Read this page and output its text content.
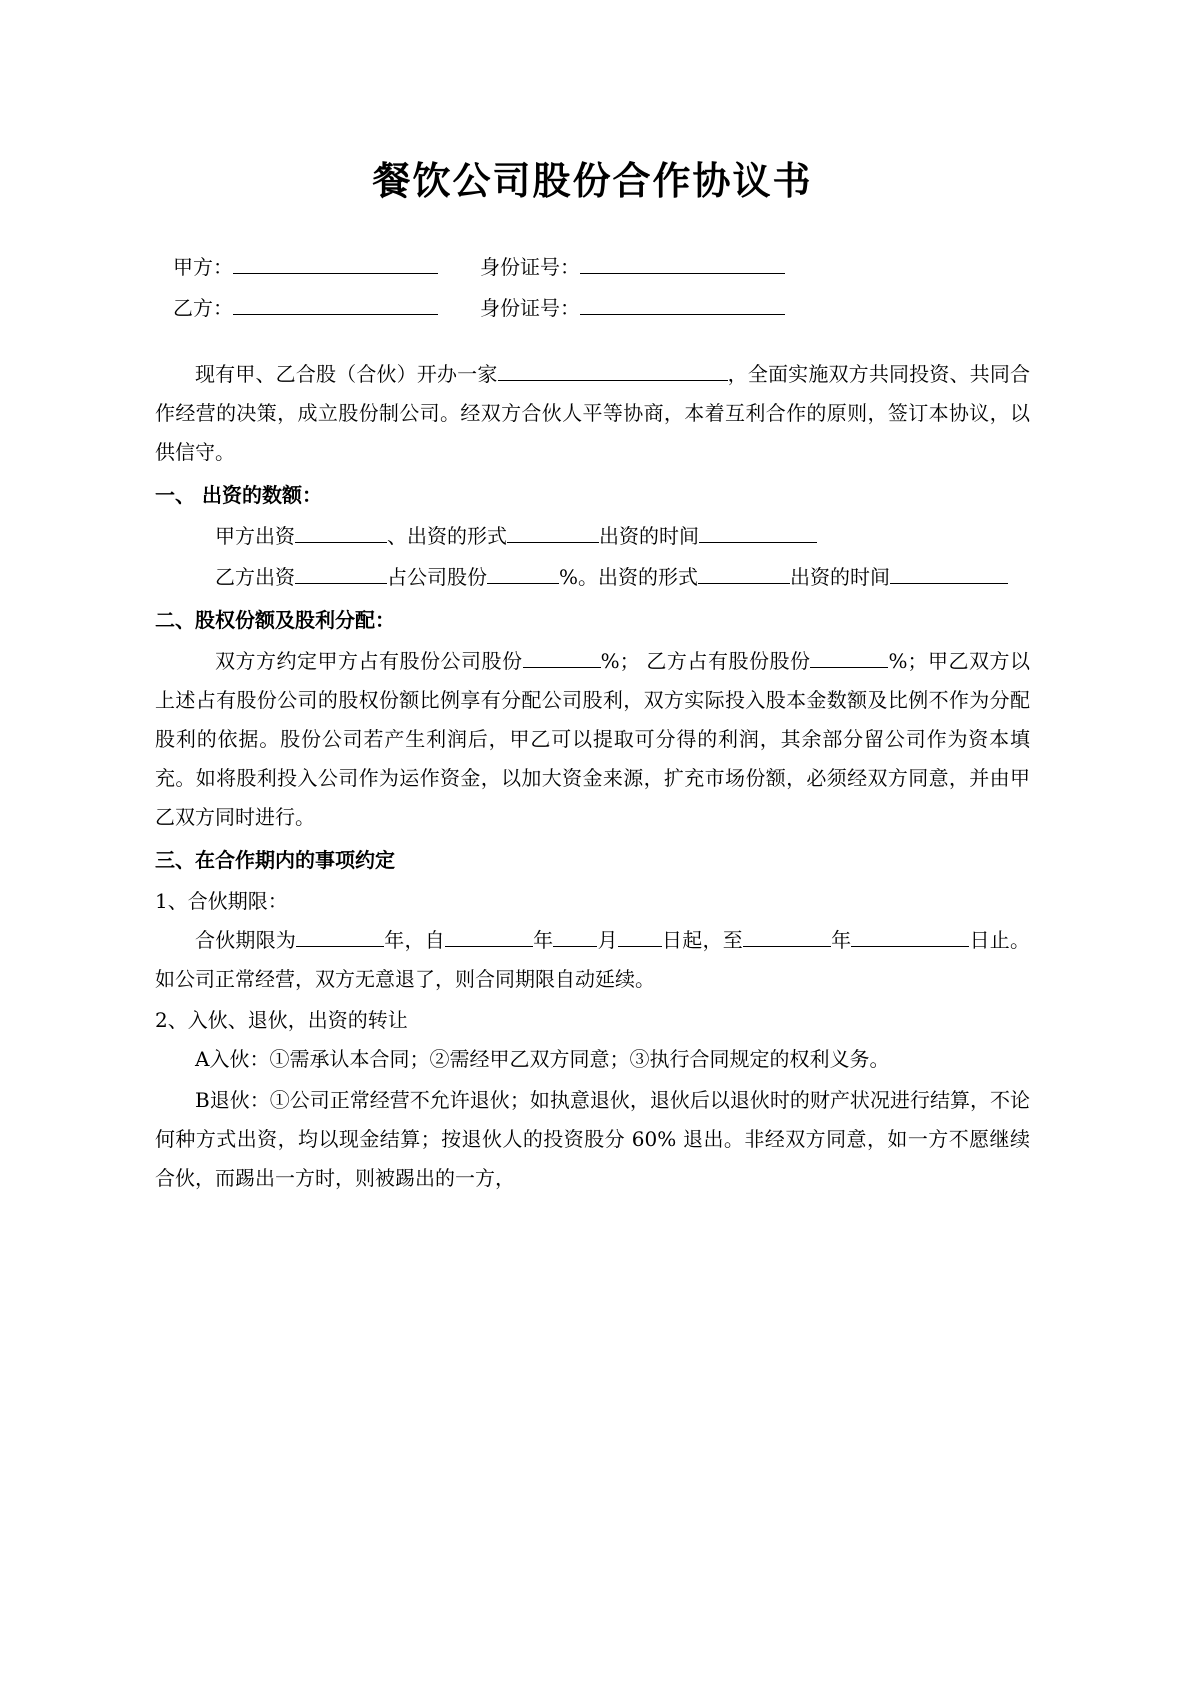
餐饮公司股份合作协议书
甲方：	身份证号：
乙方：	身份证号：

现有甲、乙合股（合伙）开办一家	，全面实施双方共同投资、共同合作经营的决策，成立股份制公司。经双方合伙人平等协商，本着互利合作的原则，签订本协议，以供信守。

一、 出资的数额：

甲方出资	、出资的形式	出资的时间

乙方出资	占公司股份	%。出资的形式	出资的时间

二、股权份额及股利分配：

双方方约定甲方占有股份公司股份	%； 乙方占有股份股份	%；甲乙双方以上述占有股份公司的股权份额比例享有分配公司股利，双方实际投入股本金数额及比例不作为分配股利的依据。股份公司若产生利润后，甲乙可以提取可分得的利润，其余部分留公司作为资本填充。如将股利投入公司作为运作资金，以加大资金来源，扩充市场份额，必须经双方同意，并由甲乙双方同时进行。

三、在合作期内的事项约定

1、合伙期限：

合伙期限为	年，自	年 月 日起，至	年	日止。如公司正常经营，双方无意退了，则合同期限自动延续。

2、入伙、退伙，出资的转让

A入伙：①需承认本合同；②需经甲乙双方同意；③执行合同规定的权利义务。

B退伙：①公司正常经营不允许退伙；如执意退伙，退伙后以退伙时的财产状况进行结算，不论何种方式出资，均以现金结算；按退伙人的投资股分 60% 退出。非经双方同意，如一方不愿继续合伙，而踢出一方时，则被踢出的一方，
